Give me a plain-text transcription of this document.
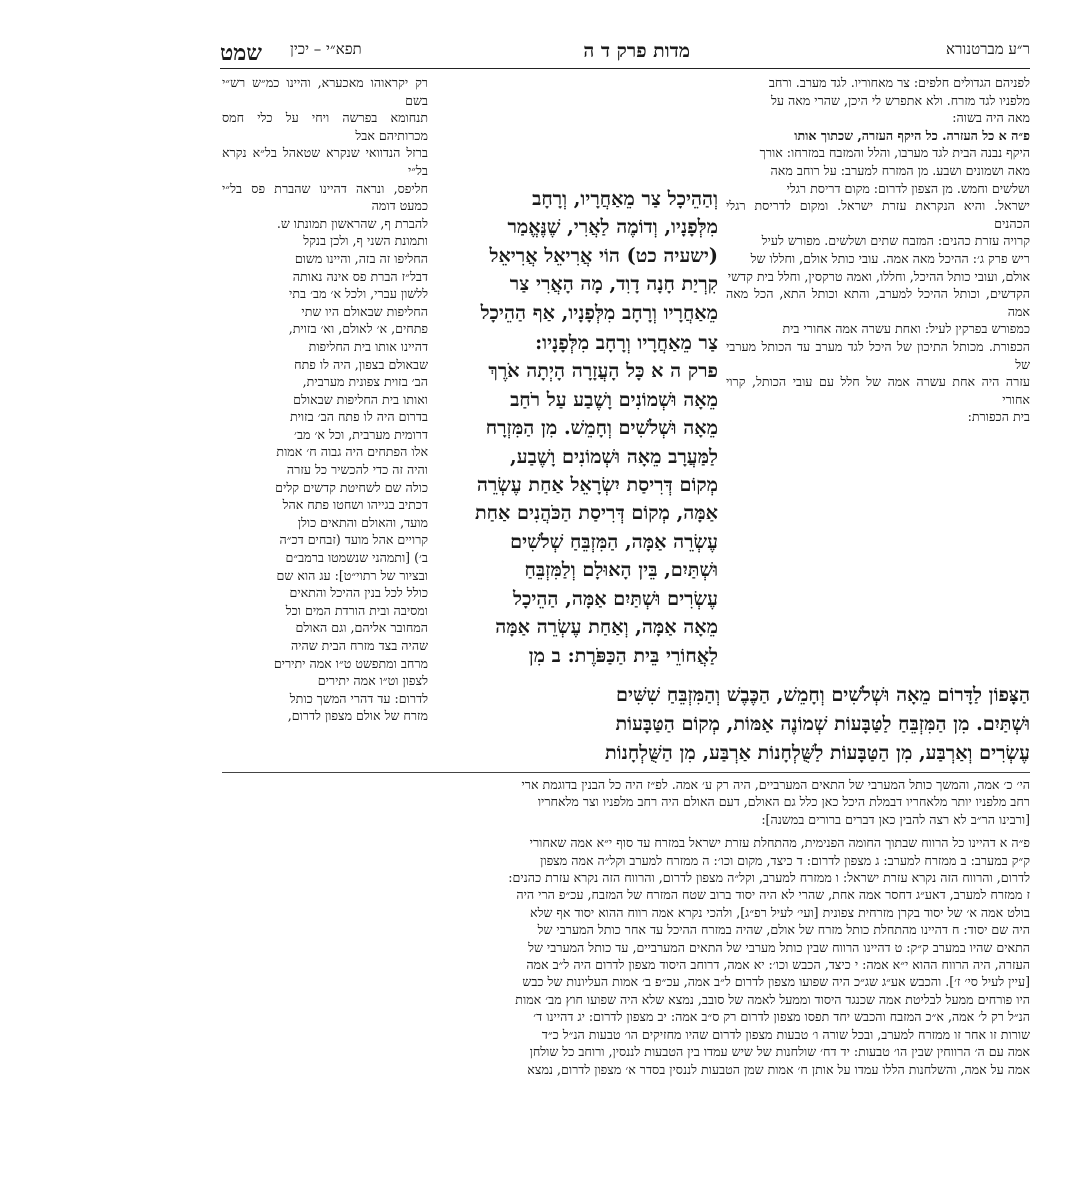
ר״ע מברטנורא
מדות פרק ד ה
תפא״י – יכין
שמט

לפניהם הגדולים חלפים: צר מאחוריו. לגד מערב. ורחב

מלפניו לגד מזרח. ולא אתפרש לי היכן, שהרי מאה על

מאה היה בשוה:

פ״ה א כל העזרה. כל היקף העזרה, שכתוך אותו

היקף נבנה הבית לגד מערבו, והלל והמזבח במזרחו: אורך

מאה ושמונים ושבע. מן המזרח למערב: על רוחב מאה

ושלשים וחמש. מן הצפון לדרום: מקום דריסת רגלי

ישראל. והיא הנקראת עזרת ישראל. ומקום לדריסת רגלי הכהנים

קרויה עזרת כהנים: המזבח שתים ושלשים. מפורש לעיל

ריש פרק ג׳: ההיכל מאה אמה. עובי כותל אולם, וחללו של

אולם, ועובי כותל ההיכל, וחללו, ואמה טרקסין, וחלל בית קדשי

הקדשים, וכותל ההיכל למערב, והתא וכותל התא, הכל מאה אמה

כמפורש בפרקין לעיל: ואחת עשרה אמה אחורי בית

הכפורת. מכותל התיכון של היכל לגד מערב עד הכותל מערבי של

עזרה היה אחת עשרה אמה של חלל עם עובי הכותל, קרוי אחורי

בית הכפורת:

רק יקראוהו מאכערא, והיינו כמ״ש רש״י בשם

תנחומא בפרשה ויחי על כלי חמס מכרותיהם אבל

ברזל הנדוואי שנקרא שטאהל בל״א נקרא בל״י

חליפס, ונראה דהיינו שהברת פס בל״י כמעט דומה

להברת ף, שהראשון תמונתו ש.

ותמונת השני ף, ולכן בנקל

החליפו זה בזה, והיינו משום

דבל״ז הברת פס אינה נאותה

ללשון עברי, ולכל א׳ מב׳ בתי

החליפות שבאולם היו שתי

פתחים, א׳ לאולם, וא׳ בזוית,

דהיינו אותו בית החליפות

שבאולם בצפון, היה לו פתח

הב׳ בזוית צפונית מערבית,

ואותו בית החליפות שבאולם

בדרום היה לו פתח הב׳ בזוית

דרומית מערבית, וכל א׳ מב׳

אלו הפתחים היה גבוה ח׳ אמות

והיה זה כדי להכשיר כל עזרה

כולה שם לשחיטת קדשים קלים

דכתיב בגייהו ושחטו פתח אהל

מועד, והאולם והתאים כולן

קרויים אהל מועד (זבחים דכ״ה

ב׳) [ותמהני שנשמטו ברמב״ם

ובציור של רתוי״ט]: עג הוא שם

כולל לכל בנין ההיכל והתאים

ומסיבה ובית הורדת המים וכל

המחובר אליהם, וגם האולם

שהיה בצד מזרח הבית שהיה

מרחב ומתפשט ט״ו אמה יתירים

לצפון וט״ו אמה יתירים

לדרום: עד דהרי המשך כותל

מזרח של אולם מצפון לדרום,

וְהַהֵיכָל צַר מֵאַחֲרָיו, וְרָחָב

מִלְּפָנָיו, וְדוֹמֶה לַאֲרִי, שֶׁנֶּאֱמַר

(ישעיה כט) הוֹי אֲרִיאֵל אֲרִיאֵל

קִרְיַת חָנָה דָוִד, מָה הָאֲרִי צַר

מֵאַחֲרָיו וְרָחָב מִלְּפָנָיו, אַף הַהֵיכָל

צַר מֵאַחֲרָיו וְרָחָב מִלְּפָנָיו:

פרק ה א כָּל הָעֲזָרָה הָיְתָה אֹרֶךְ

מֵאָה וּשְׁמוֹנִים וָשֶׁבַע עַל רֹחַב

מֵאָה וּשְׁלֹשִׁים וְחָמֵשׁ. מִן הַמִּזְרָח

לַמַּעֲרָב מֵאָה וּשְׁמוֹנִים וָשֶׁבַע,

מְקוֹם דְּרִיסַת יִשְׂרָאֵל אַחַת עֶשְׂרֵה

אַמָּה, מְקוֹם דְּרִיסַת הַכֹּהֲנִים אַחַת

עֶשְׂרֵה אַמָּה, הַמִּזְבֵּחַ שְׁלֹשִׁים

וּשְׁתַּיִם, בֵּין הָאוּלָם וְלַמִּזְבֵּחַ

עֶשְׂרִים וּשְׁתַּיִם אַמָּה, הַהֵיכָל

מֵאָה אַמָּה, וְאַחַת עֶשְׂרֵה אַמָּה

לַאֲחוֹרֵי בֵּית הַכַּפֹּרֶת: ב מִן

הַצָּפוֹן לַדָּרוֹם מֵאָה וּשְׁלֹשִׁים וְחָמֵשׁ, הַכֶּבֶשׁ וְהַמִּזְבֵּחַ שִׁשִּׁים

וּשְׁתַּיִם. מִן הַמִּזְבֵּחַ לַטַּבָּעוֹת שְׁמוֹנֶה אַמּוֹת, מְקוֹם הַטַּבָּעוֹת

עֶשְׂרִים וְאַרְבַּע, מִן הַטַּבָּעוֹת לַשֻּׁלְחָנוֹת אַרְבַּע, מִן הַשֻּׁלְחָנוֹת

הי׳ כ׳ אמה, והמשך כותל המערבי של התאים המערביים, היה רק ע׳ אמה. לפ״ז היה כל הבנין בדוגמת ארי

רחב מלפניו יותר מלאחריו דבמלת היכל כאן כלל גם האולם, דעם האולם היה רחב מלפניו וצר מלאחריו

[ורבינו הר״ב לא רצה להבין כאן דברים ברורים במשנה]:

פ״ה א דהיינו כל הרווח שבתוך החומה הפנימית, מהתחלת עזרת ישראל במזרח עד סוף י״א אמה שאחורי

ק״ק במערב: ב ממזרח למערב: ג מצפון לדרום: ד כיצד, מקום וכו׳: ה ממזרח למערב וקל״ה אמה מצפון

לדרום, והרווח הזה נקרא עזרת ישראל: ו ממזרח למערב, וקל״ה מצפון לדרום, והרווח הזה נקרא עזרת כהנים:

ז ממזרח למערב, דאע״ג דחסר אמה אחת, שהרי לא היה יסוד ברוב שטח המזרח של המזבח, עכ״פ הרי היה

בולט אמה א׳ של יסוד בקרן מזרחית צפונית [ועי׳ לעיל רפ״ג], ולהכי נקרא אמה רווח ההוא יסוד אף שלא

היה שם יסוד: ח דהיינו מהתחלת כותל מזרח של אולם, שהיה במזרח ההיכל עד אחר כותל המערבי של

התאים שהיו במערב ק״ק: ט דהיינו הרווח שבין כותל מערבי של התאים המערביים, עד כותל המערבי של

העזרה, היה הרווח ההוא י״א אמה: י כיצד, הכבש וכו׳: יא אמה, דרוחב היסוד מצפון לדרום היה ל״ב אמה

[עיין לעיל סי׳ ז׳]. והכבש אע״ג שג״כ היה שפועו מצפון לדרום ל״ב אמה, עכ״פ ב׳ אמות העליונות של כבש

היו פורחים ממעל לבליטת אמה שכנגד היסוד וממעל לאמה של סובב, נמצא שלא היה שפועו חוץ מב׳ אמות

הנ״ל רק ל׳ אמה, א״כ המזבח והכבש יחד תפסו מצפון לדרום רק ס״ב אמה: יב מצפון לדרום: יג דהיינו ד׳

שורות זו אחר זו ממזרח למערב, ובכל שורה ו׳ טבעות מצפון לדרום שהיו מחזיקים הו׳ טבעות הנ״ל כ״ד

אמה עם ה׳ הרווחין שבין הו׳ טבעות: יד דח׳ שולחנות של שיש עמדו בין הטבעות לננסין, ורוחב כל שולחן

אמה על אמה, והשלחנות הללו עמדו על אותן ח׳ אמות שמן הטבעות לננסין בסדר א׳ מצפון לדרום, נמצא
